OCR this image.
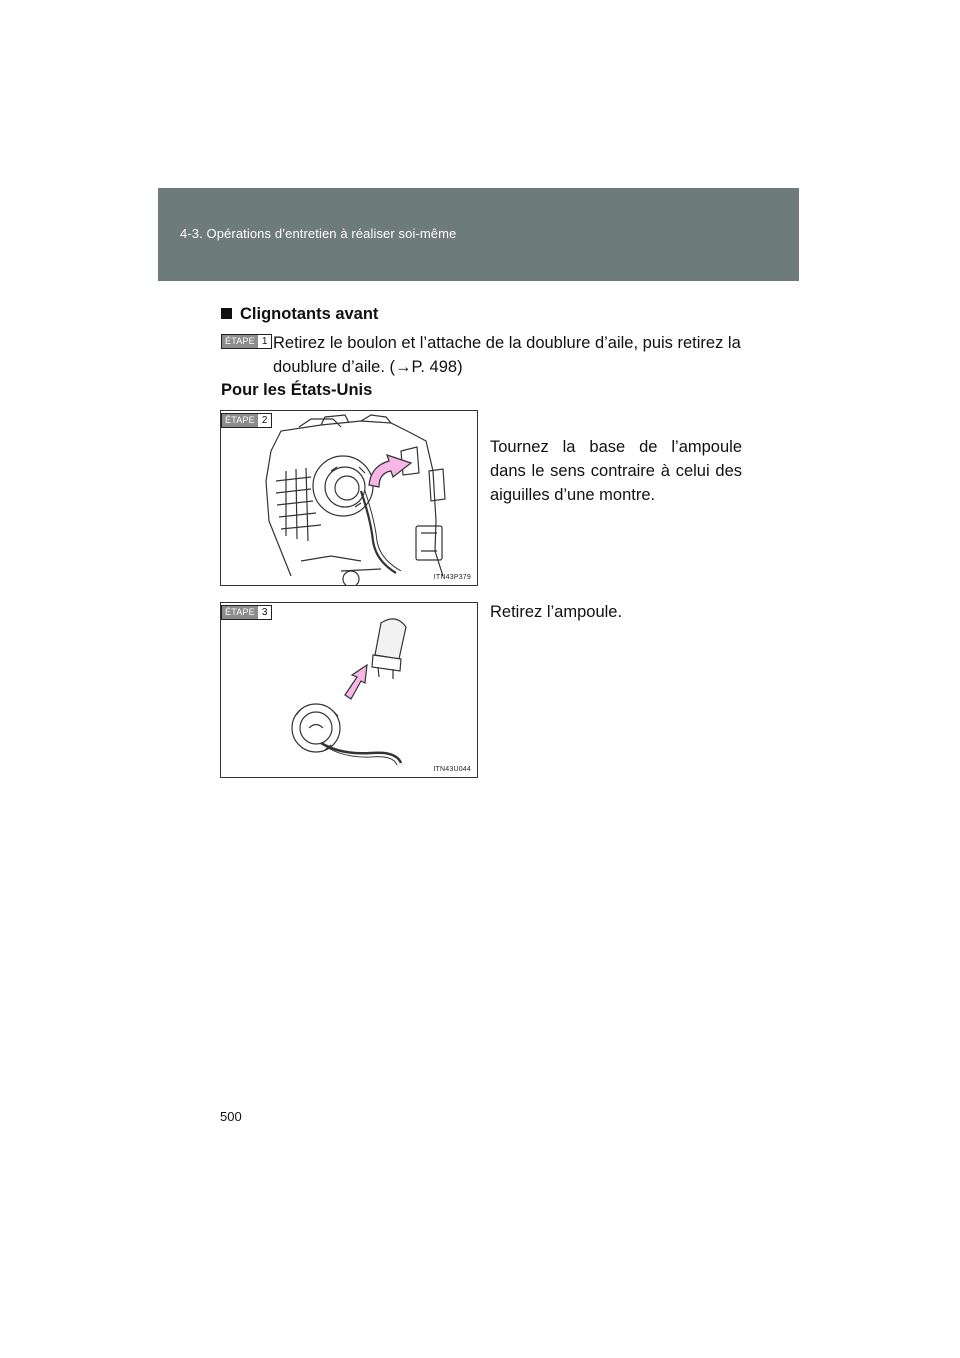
4-3. Opérations d’entretien à réaliser soi-même
Clignotants avant
ÉTAPE 1 Retirez le boulon et l’attache de la doublure d’aile, puis retirez la doublure d’aile. (→P. 498)
Pour les États-Unis
ITN43P379
ÉTAPE 2
Tournez la base de l’ampoule dans le sens contraire à celui des aiguilles d’une montre.
ITN43U044
ÉTAPE 3	Retirez l’ampoule.
500
